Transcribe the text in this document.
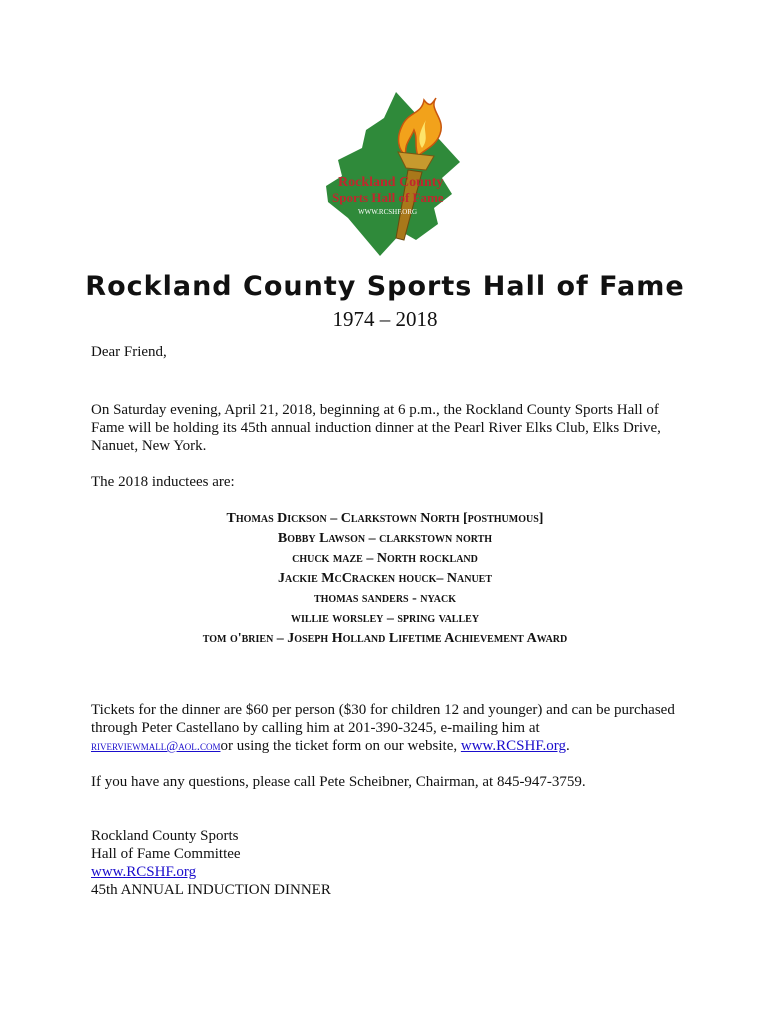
Rockland County
Sports Hall of Fame
WWW.RCSHF.ORG
Rockland County Sports Hall of Fame
1974 – 2018
Dear Friend,
On Saturday evening, April 21, 2018, beginning at 6 p.m., the Rockland County Sports Hall of
Fame will be holding its 45th annual induction dinner at the Pearl River Elks Club, Elks Drive,
Nanuet, New York.
The 2018 inductees are:
Thomas Dickson – Clarkstown North [posthumous]
Bobby Lawson – clarkstown north
chuck maze – North rockland
Jackie McCracken houck– Nanuet
thomas sanders - nyack
willie worsley – spring valley
tom o'brien – Joseph Holland Lifetime Achievement Award
Tickets for the dinner are $60 per person ($30 for children 12 and younger) and can be purchased
through Peter Castellano by calling him at 201-390-3245, e-mailing him at
riverviewmall@aol.comor using the ticket form on our website, www.RCSHF.org.
If you have any questions, please call Pete Scheibner, Chairman, at 845-947-3759.
Rockland County Sports
Hall of Fame Committee
www.RCSHF.org
45th ANNUAL INDUCTION DINNER
